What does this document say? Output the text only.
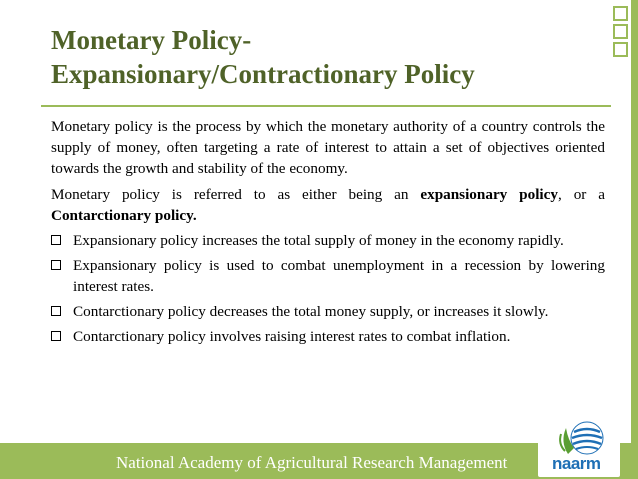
Monetary Policy-
Expansionary/Contractionary Policy

Monetary policy is the process by which the monetary authority of a country controls the supply of money, often targeting a rate of interest to attain a set of objectives oriented towards the growth and stability of the economy.

Monetary policy is referred to as either being an expansionary policy, or a Contarctionary policy.

Expansionary policy increases the total supply of money in the economy rapidly.
Expansionary policy is used to combat unemployment in a recession by lowering interest rates.
Contarctionary policy decreases the total money supply, or increases it slowly.
Contarctionary policy involves raising interest rates to combat inflation.
National Academy of Agricultural Research Management	naarm
